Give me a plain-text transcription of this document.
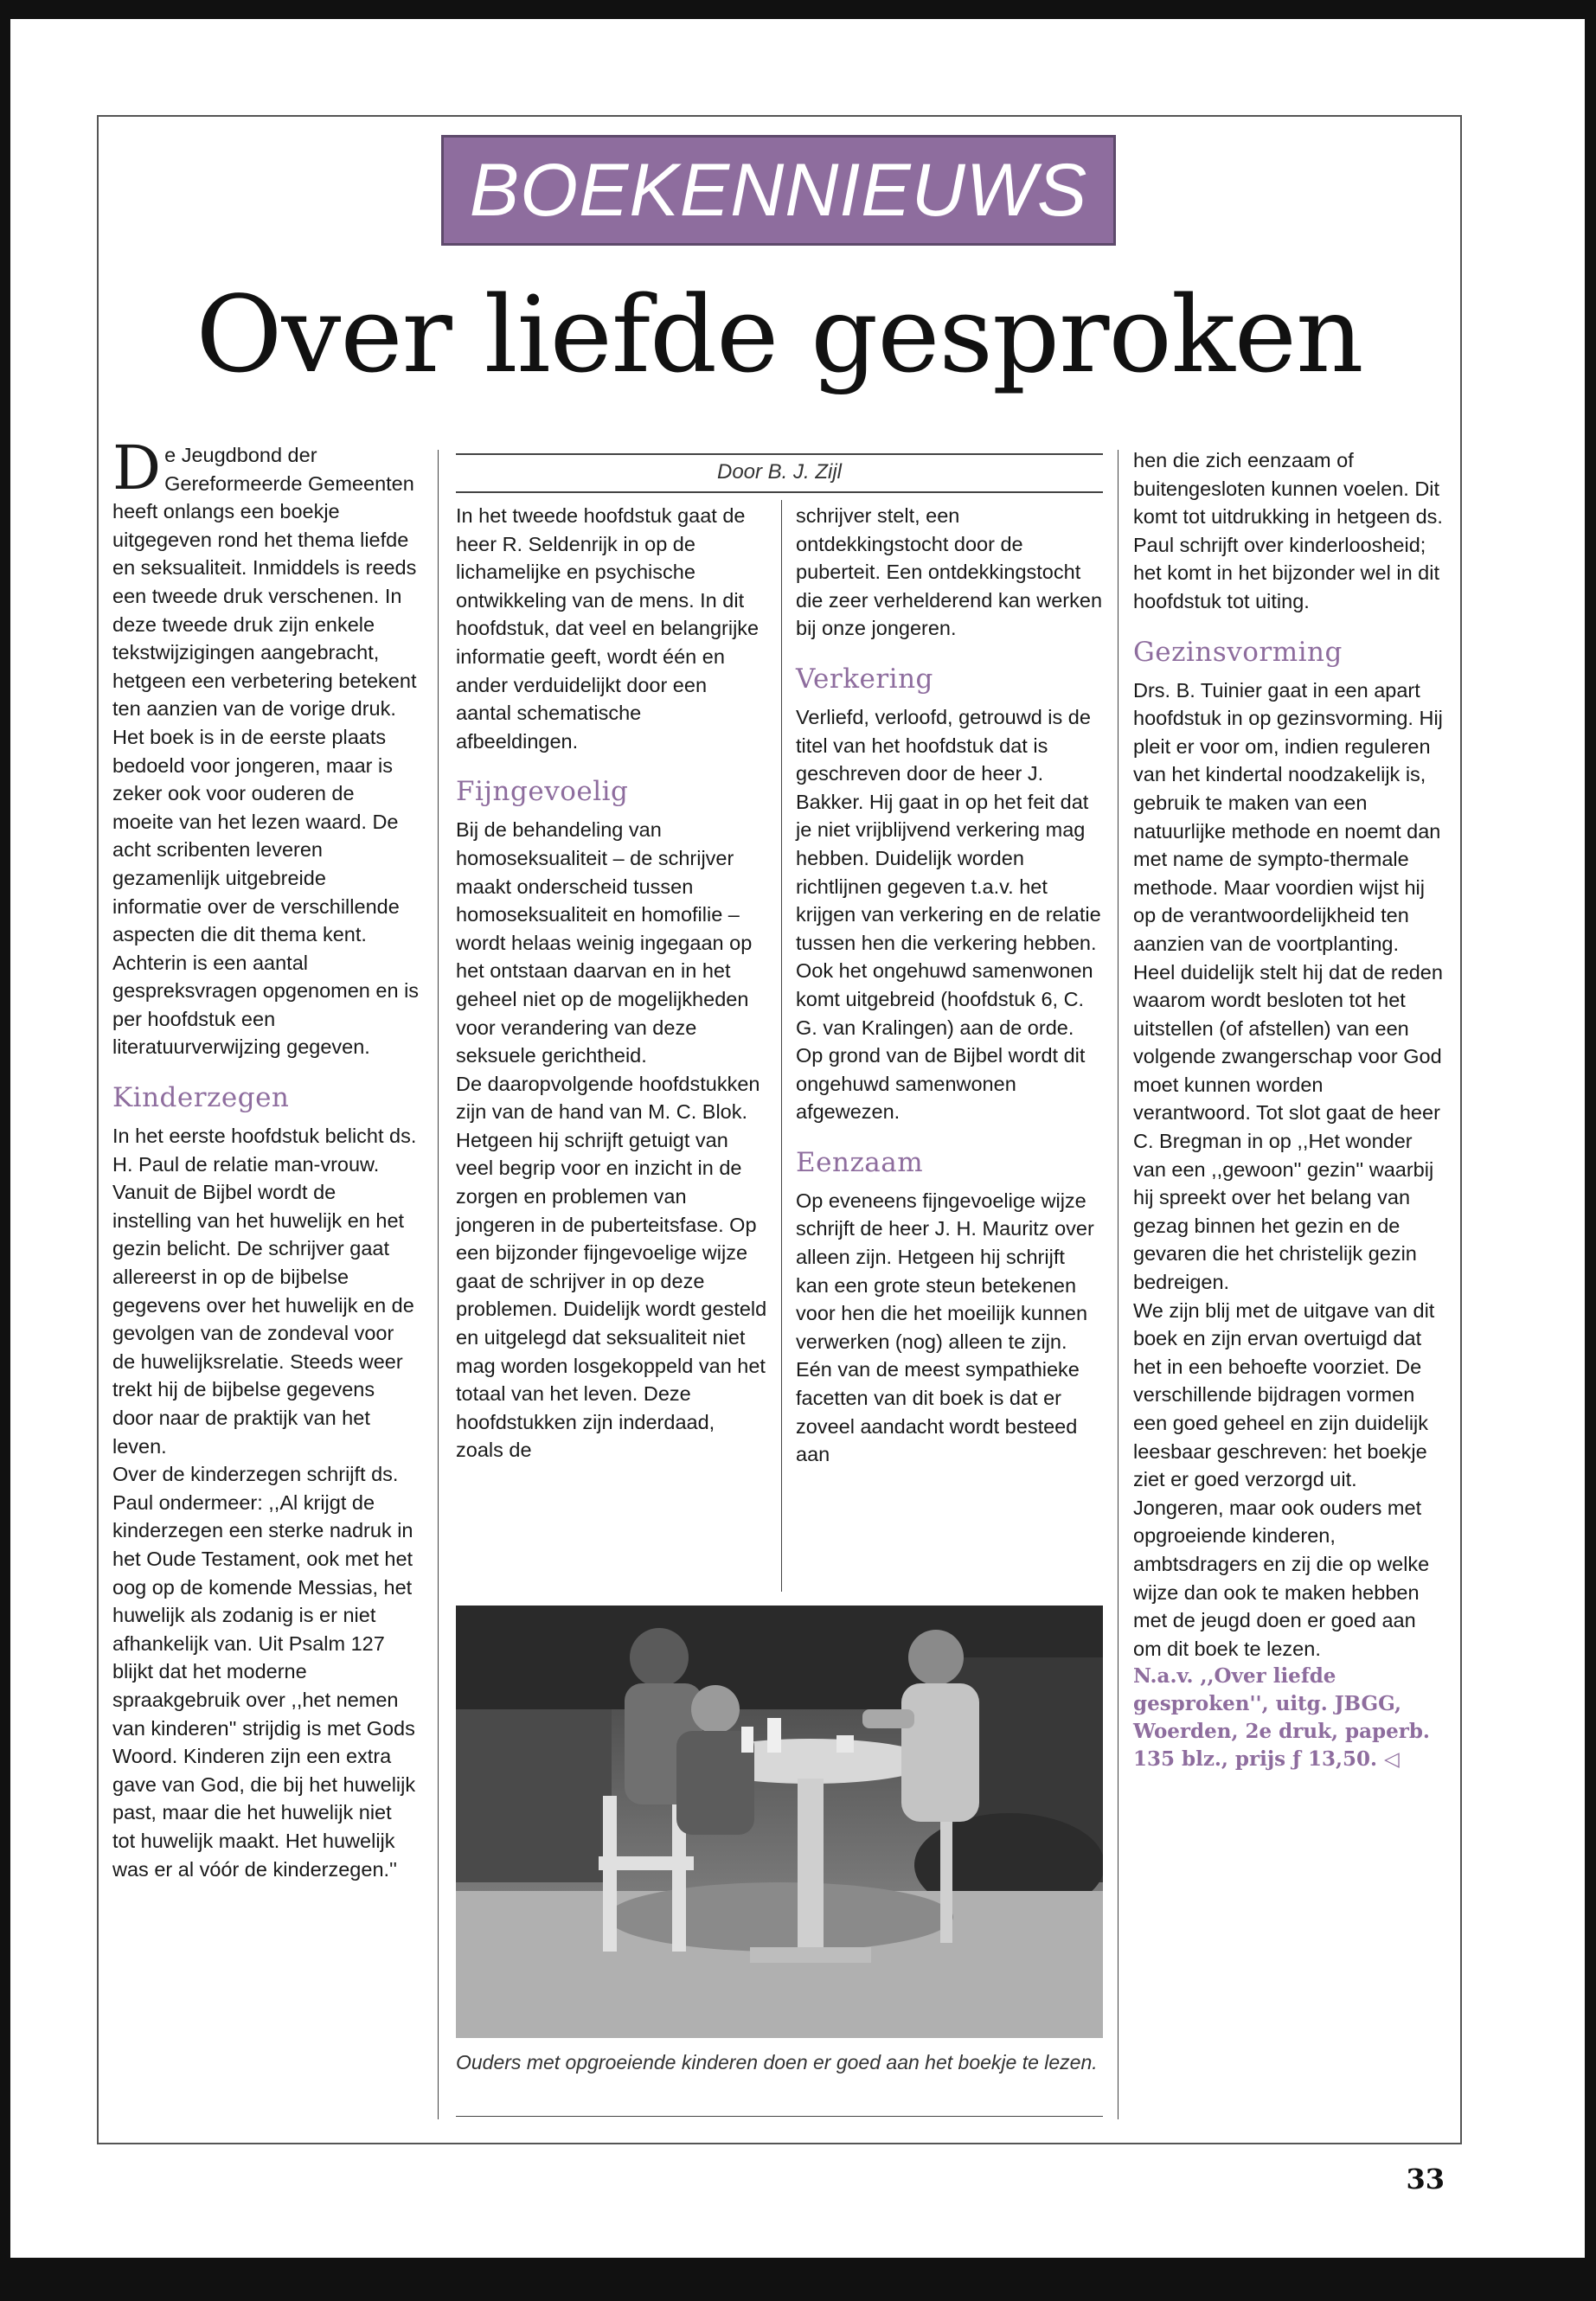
BOEKENNIEUWS
Over liefde gesproken

De Jeugdbond der Gereformeerde Gemeenten heeft onlangs een boekje uitgegeven rond het thema liefde en seksualiteit. Inmiddels is reeds een tweede druk verschenen. In deze tweede druk zijn enkele tekstwijzigingen aangebracht, hetgeen een verbetering betekent ten aanzien van de vorige druk.

Het boek is in de eerste plaats bedoeld voor jongeren, maar is zeker ook voor ouderen de moeite van het lezen waard. De acht scribenten leveren gezamenlijk uitgebreide informatie over de verschillende aspecten die dit thema kent. Achterin is een aantal gespreksvragen opgenomen en is per hoofdstuk een literatuurverwijzing gegeven.

Kinderzegen

In het eerste hoofdstuk belicht ds. H. Paul de relatie man-vrouw. Vanuit de Bijbel wordt de instelling van het huwelijk en het gezin belicht. De schrijver gaat allereerst in op de bijbelse gegevens over het huwelijk en de gevolgen van de zondeval voor de huwelijksrelatie. Steeds weer trekt hij de bijbelse gegevens door naar de praktijk van het leven.

Over de kinderzegen schrijft ds. Paul ondermeer: ,,Al krijgt de kinderzegen een sterke nadruk in het Oude Testament, ook met het oog op de komende Messias, het huwelijk als zodanig is er niet afhankelijk van. Uit Psalm 127 blijkt dat het moderne spraakgebruik over ,,het nemen van kinderen'' strijdig is met Gods Woord. Kinderen zijn een extra gave van God, die bij het huwelijk past, maar die het huwelijk niet tot huwelijk maakt. Het huwelijk was er al vóór de kinderzegen.''

Door B. J. Zijl

In het tweede hoofdstuk gaat de heer R. Seldenrijk in op de lichamelijke en psychische ontwikkeling van de mens. In dit hoofdstuk, dat veel en belangrijke informatie geeft, wordt één en ander verduidelijkt door een aantal schematische afbeeldingen.

Fijngevoelig

Bij de behandeling van homoseksualiteit – de schrijver maakt onderscheid tussen homoseksualiteit en homofilie – wordt helaas weinig ingegaan op het ontstaan daarvan en in het geheel niet op de mogelijkheden voor verandering van deze seksuele gerichtheid.

De daaropvolgende hoofdstukken zijn van de hand van M. C. Blok. Hetgeen hij schrijft getuigt van veel begrip voor en inzicht in de zorgen en problemen van jongeren in de puberteitsfase. Op een bijzonder fijngevoelige wijze gaat de schrijver in op deze problemen. Duidelijk wordt gesteld en uitgelegd dat seksualiteit niet mag worden losgekoppeld van het totaal van het leven. Deze hoofdstukken zijn inderdaad, zoals de

schrijver stelt, een ontdekkingstocht door de puberteit. Een ontdekkingstocht die zeer verhelderend kan werken bij onze jongeren.

Verkering

Verliefd, verloofd, getrouwd is de titel van het hoofdstuk dat is geschreven door de heer J. Bakker. Hij gaat in op het feit dat je niet vrijblijvend verkering mag hebben. Duidelijk worden richtlijnen gegeven t.a.v. het krijgen van verkering en de relatie tussen hen die verkering hebben. Ook het ongehuwd samenwonen komt uitgebreid (hoofdstuk 6, C. G. van Kralingen) aan de orde. Op grond van de Bijbel wordt dit ongehuwd samenwonen afgewezen.

Eenzaam

Op eveneens fijngevoelige wijze schrijft de heer J. H. Mauritz over alleen zijn. Hetgeen hij schrijft kan een grote steun betekenen voor hen die het moeilijk kunnen verwerken (nog) alleen te zijn. Eén van de meest sympathieke facetten van dit boek is dat er zoveel aandacht wordt besteed aan

hen die zich eenzaam of buitengesloten kunnen voelen. Dit komt tot uitdrukking in hetgeen ds. Paul schrijft over kinderloosheid; het komt in het bijzonder wel in dit hoofdstuk tot uiting.

Gezinsvorming

Drs. B. Tuinier gaat in een apart hoofdstuk in op gezinsvorming. Hij pleit er voor om, indien reguleren van het kindertal noodzakelijk is, gebruik te maken van een natuurlijke methode en noemt dan met name de sympto-thermale methode. Maar voordien wijst hij op de verantwoordelijkheid ten aanzien van de voortplanting.

Heel duidelijk stelt hij dat de reden waarom wordt besloten tot het uitstellen (of afstellen) van een volgende zwangerschap voor God moet kunnen worden verantwoord. Tot slot gaat de heer C. Bregman in op ,,Het wonder van een ,,gewoon'' gezin'' waarbij hij spreekt over het belang van gezag binnen het gezin en de gevaren die het christelijk gezin bedreigen.

We zijn blij met de uitgave van dit boek en zijn ervan overtuigd dat het in een behoefte voorziet. De verschillende bijdragen vormen een goed geheel en zijn duidelijk leesbaar geschreven: het boekje ziet er goed verzorgd uit. Jongeren, maar ook ouders met opgroeiende kinderen, ambtsdragers en zij die op welke wijze dan ook te maken hebben met de jeugd doen er goed aan om dit boek te lezen.

N.a.v. ,,Over liefde gesproken'', uitg. JBGG, Woerden, 2e druk, paperb. 135 blz., prijs ƒ 13,50. ◁

Ouders met opgroeiende kinderen doen er goed aan het boekje te lezen.
33
